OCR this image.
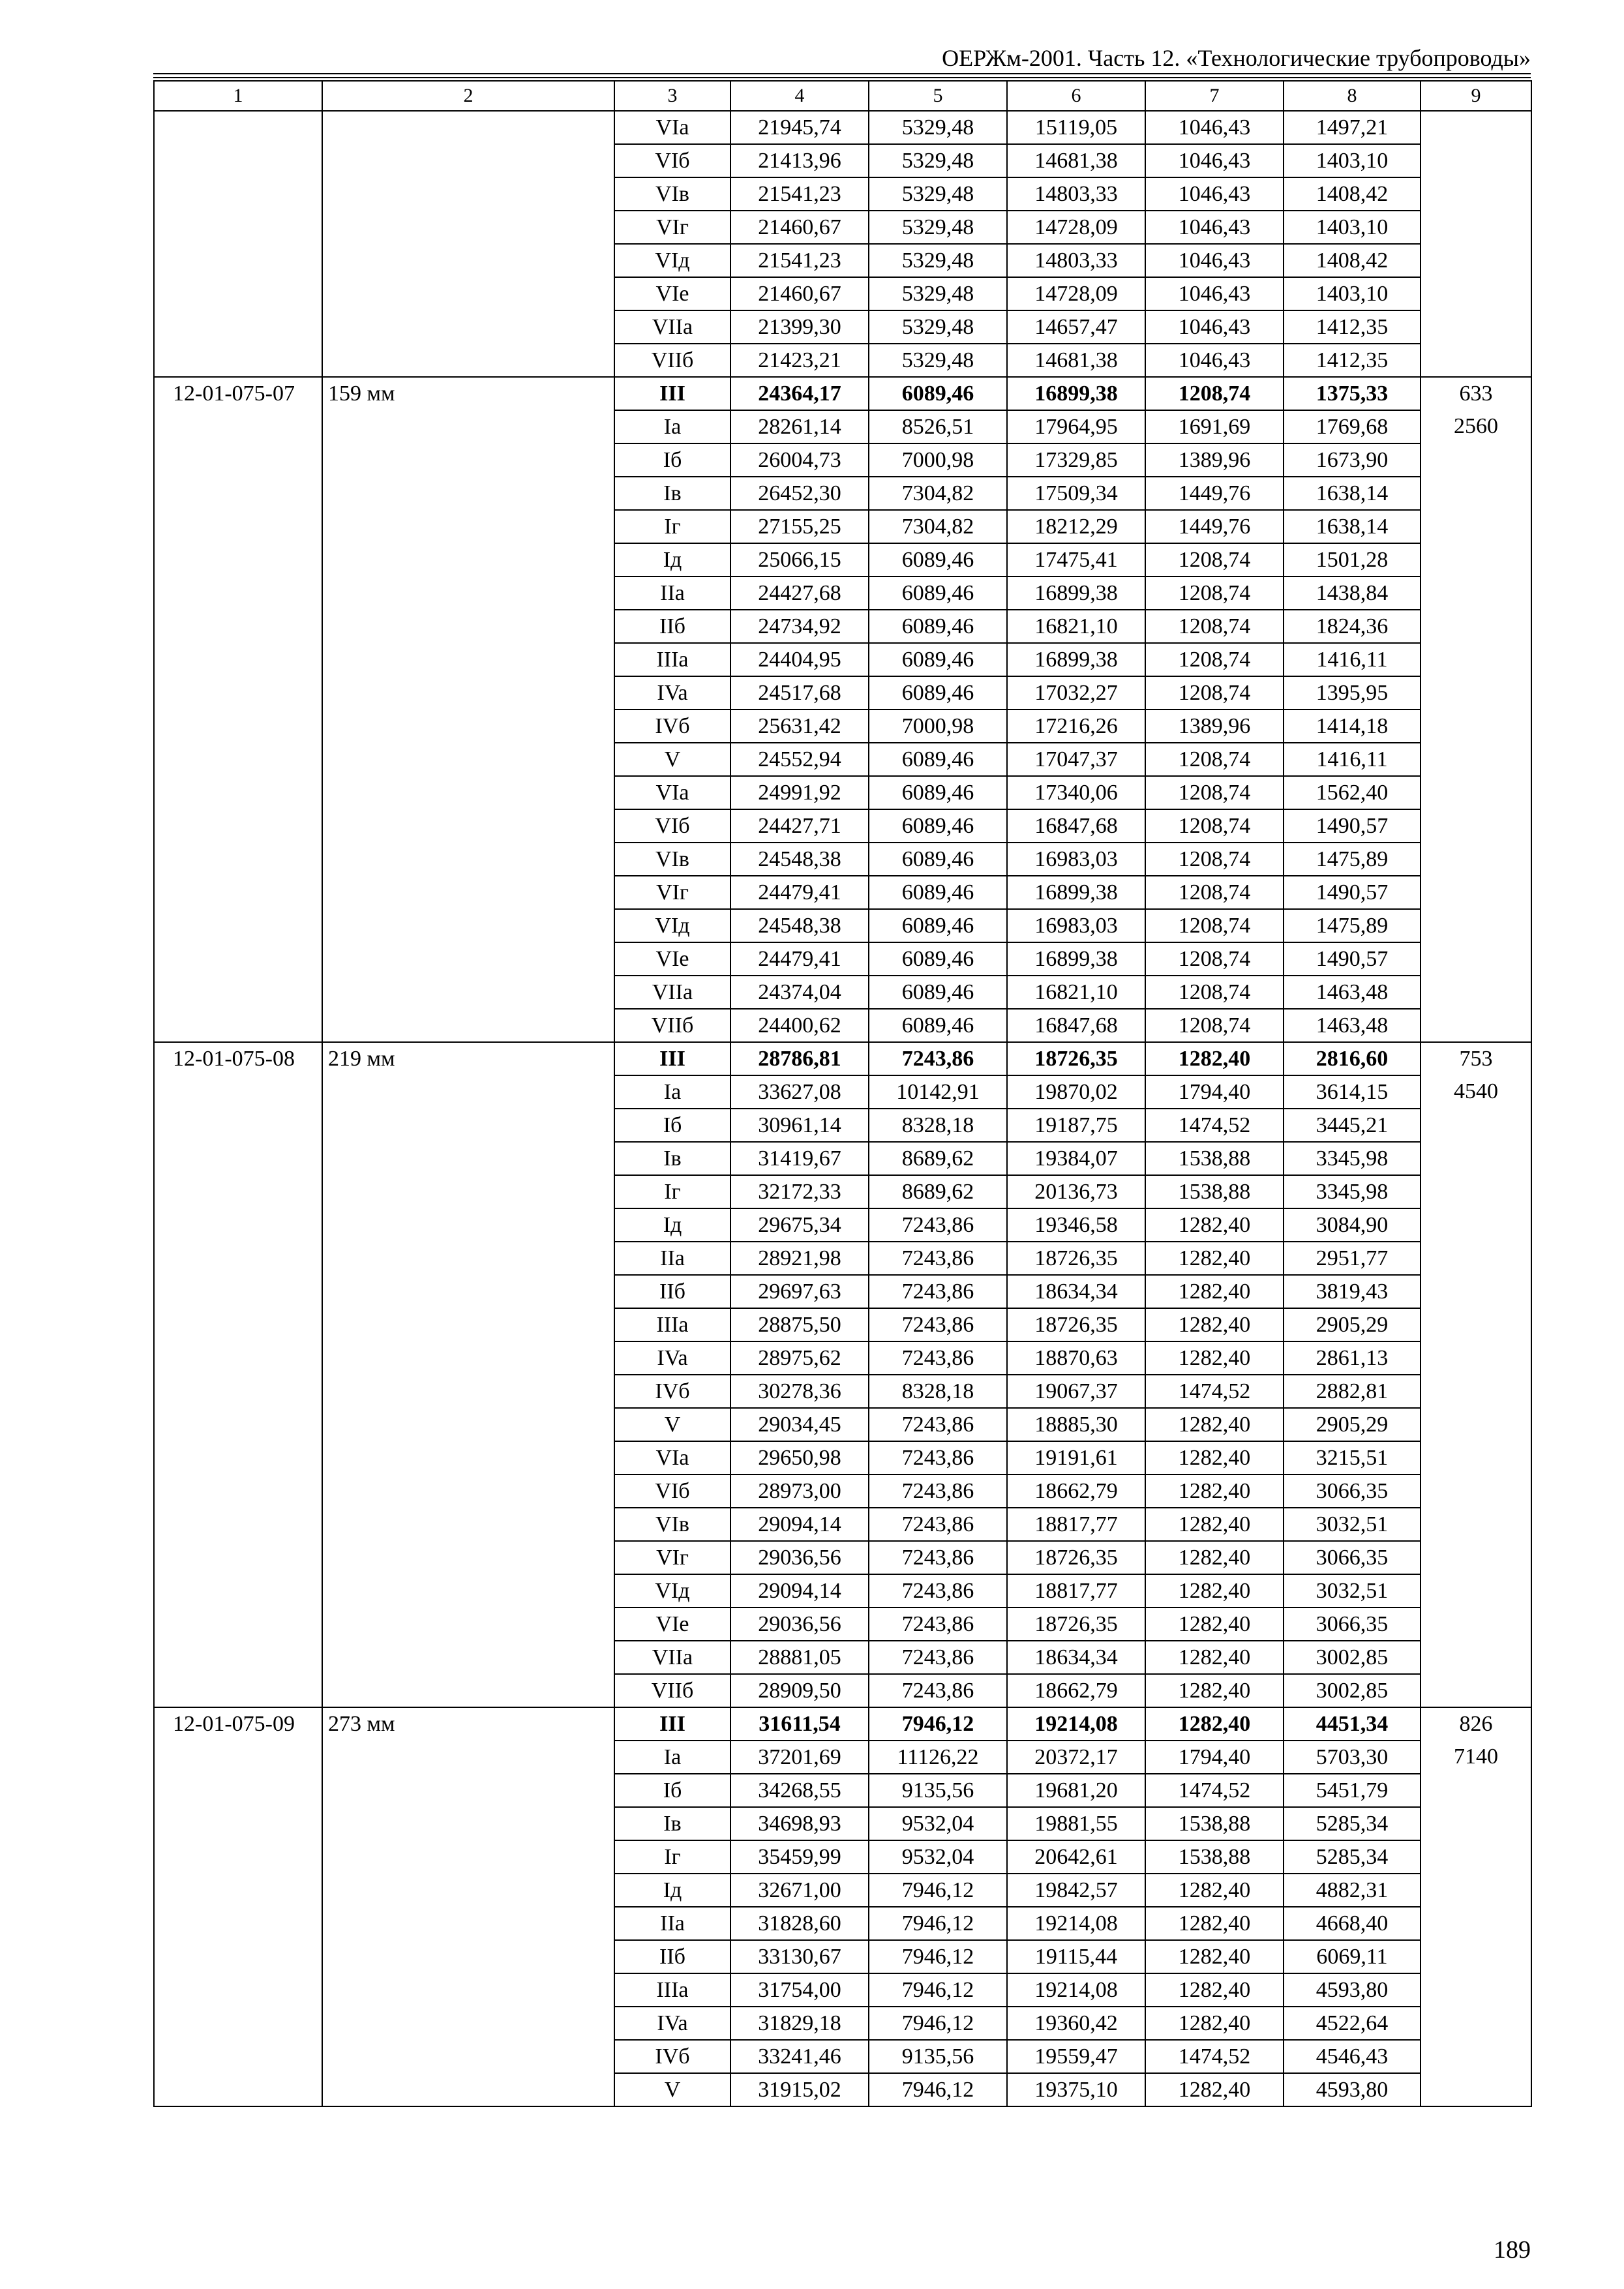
ОЕРЖм-2001. Часть 12. «Технологические трубопроводы»
1	2	3	4	5	6	7	8	9
		VIa	21945,74	5329,48	15119,05	1046,43	1497,21	
		VIб	21413,96	5329,48	14681,38	1046,43	1403,10	
		VIв	21541,23	5329,48	14803,33	1046,43	1408,42	
		VIг	21460,67	5329,48	14728,09	1046,43	1403,10	
		VIд	21541,23	5329,48	14803,33	1046,43	1408,42	
		VIe	21460,67	5329,48	14728,09	1046,43	1403,10	
		VIIa	21399,30	5329,48	14657,47	1046,43	1412,35	
		VIIб	21423,21	5329,48	14681,38	1046,43	1412,35	
12-01-075-07	159 мм	III	24364,17	6089,46	16899,38	1208,74	1375,33	633
		Ia	28261,14	8526,51	17964,95	1691,69	1769,68	2560
		Iб	26004,73	7000,98	17329,85	1389,96	1673,90	
		Iв	26452,30	7304,82	17509,34	1449,76	1638,14	
		Iг	27155,25	7304,82	18212,29	1449,76	1638,14	
		Iд	25066,15	6089,46	17475,41	1208,74	1501,28	
		IIa	24427,68	6089,46	16899,38	1208,74	1438,84	
		IIб	24734,92	6089,46	16821,10	1208,74	1824,36	
		IIIa	24404,95	6089,46	16899,38	1208,74	1416,11	
		IVa	24517,68	6089,46	17032,27	1208,74	1395,95	
		IVб	25631,42	7000,98	17216,26	1389,96	1414,18	
		V	24552,94	6089,46	17047,37	1208,74	1416,11	
		VIa	24991,92	6089,46	17340,06	1208,74	1562,40	
		VIб	24427,71	6089,46	16847,68	1208,74	1490,57	
		VIв	24548,38	6089,46	16983,03	1208,74	1475,89	
		VIг	24479,41	6089,46	16899,38	1208,74	1490,57	
		VIд	24548,38	6089,46	16983,03	1208,74	1475,89	
		VIe	24479,41	6089,46	16899,38	1208,74	1490,57	
		VIIa	24374,04	6089,46	16821,10	1208,74	1463,48	
		VIIб	24400,62	6089,46	16847,68	1208,74	1463,48	
12-01-075-08	219 мм	III	28786,81	7243,86	18726,35	1282,40	2816,60	753
		Ia	33627,08	10142,91	19870,02	1794,40	3614,15	4540
		Iб	30961,14	8328,18	19187,75	1474,52	3445,21	
		Iв	31419,67	8689,62	19384,07	1538,88	3345,98	
		Iг	32172,33	8689,62	20136,73	1538,88	3345,98	
		Iд	29675,34	7243,86	19346,58	1282,40	3084,90	
		IIa	28921,98	7243,86	18726,35	1282,40	2951,77	
		IIб	29697,63	7243,86	18634,34	1282,40	3819,43	
		IIIa	28875,50	7243,86	18726,35	1282,40	2905,29	
		IVa	28975,62	7243,86	18870,63	1282,40	2861,13	
		IVб	30278,36	8328,18	19067,37	1474,52	2882,81	
		V	29034,45	7243,86	18885,30	1282,40	2905,29	
		VIa	29650,98	7243,86	19191,61	1282,40	3215,51	
		VIб	28973,00	7243,86	18662,79	1282,40	3066,35	
		VIв	29094,14	7243,86	18817,77	1282,40	3032,51	
		VIг	29036,56	7243,86	18726,35	1282,40	3066,35	
		VIд	29094,14	7243,86	18817,77	1282,40	3032,51	
		VIe	29036,56	7243,86	18726,35	1282,40	3066,35	
		VIIa	28881,05	7243,86	18634,34	1282,40	3002,85	
		VIIб	28909,50	7243,86	18662,79	1282,40	3002,85	
12-01-075-09	273 мм	III	31611,54	7946,12	19214,08	1282,40	4451,34	826
		Ia	37201,69	11126,22	20372,17	1794,40	5703,30	7140
		Iб	34268,55	9135,56	19681,20	1474,52	5451,79	
		Iв	34698,93	9532,04	19881,55	1538,88	5285,34	
		Iг	35459,99	9532,04	20642,61	1538,88	5285,34	
		Iд	32671,00	7946,12	19842,57	1282,40	4882,31	
		IIa	31828,60	7946,12	19214,08	1282,40	4668,40	
		IIб	33130,67	7946,12	19115,44	1282,40	6069,11	
		IIIa	31754,00	7946,12	19214,08	1282,40	4593,80	
		IVa	31829,18	7946,12	19360,42	1282,40	4522,64	
		IVб	33241,46	9135,56	19559,47	1474,52	4546,43	
		V	31915,02	7946,12	19375,10	1282,40	4593,80	
189
